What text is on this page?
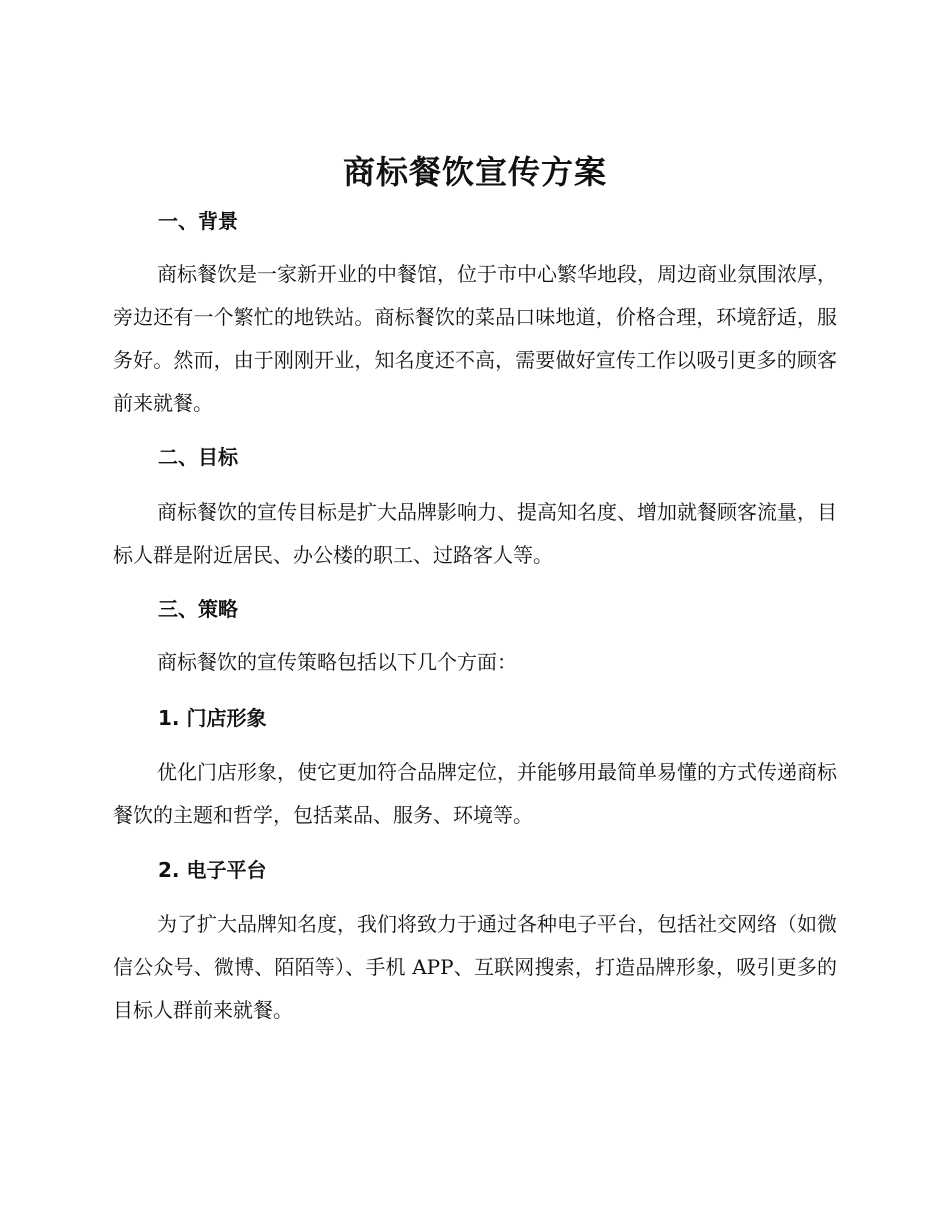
商标餐饮宣传方案
一、背景

商标餐饮是一家新开业的中餐馆，位于市中心繁华地段，周边商业氛围浓厚，旁边还有一个繁忙的地铁站。商标餐饮的菜品口味地道，价格合理，环境舒适，服务好。然而，由于刚刚开业，知名度还不高，需要做好宣传工作以吸引更多的顾客前来就餐。

二、目标

商标餐饮的宣传目标是扩大品牌影响力、提高知名度、增加就餐顾客流量，目标人群是附近居民、办公楼的职工、过路客人等。

三、策略

商标餐饮的宣传策略包括以下几个方面：

1. 门店形象

优化门店形象，使它更加符合品牌定位，并能够用最简单易懂的方式传递商标餐饮的主题和哲学，包括菜品、服务、环境等。

2. 电子平台

为了扩大品牌知名度，我们将致力于通过各种电子平台，包括社交网络（如微信公众号、微博、陌陌等）、手机 APP、互联网搜索，打造品牌形象，吸引更多的目标人群前来就餐。
